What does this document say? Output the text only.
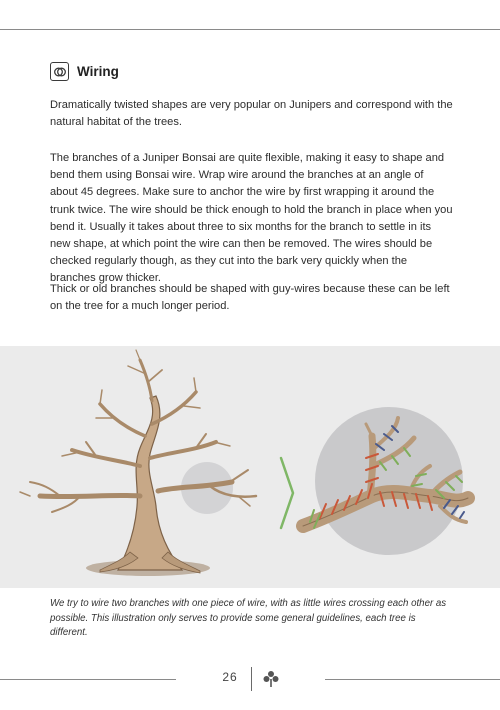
Wiring

Dramatically twisted shapes are very popular on Junipers and correspond with the natural habitat of the trees.

The branches of a Juniper Bonsai are quite flexible, making it easy to shape and bend them using Bonsai wire. Wrap wire around the branches at an angle of about 45 degrees. Make sure to anchor the wire by first wrapping it around the trunk twice. The wire should be thick enough to hold the branch in place when you bend it. Usually it takes about three to six months for the branch to settle in its new shape, at which point the wire can then be removed. The wires should be checked regularly though, as they cut into the bark very quickly when the branches grow thicker.

Thick or old branches should be shaped with guy-wires because these can be left on the tree for a much longer period.

We try to wire two branches with one piece of wire, with as little wires crossing each other as possible. This illustration only serves to provide some general guidelines, each tree is different.

26
